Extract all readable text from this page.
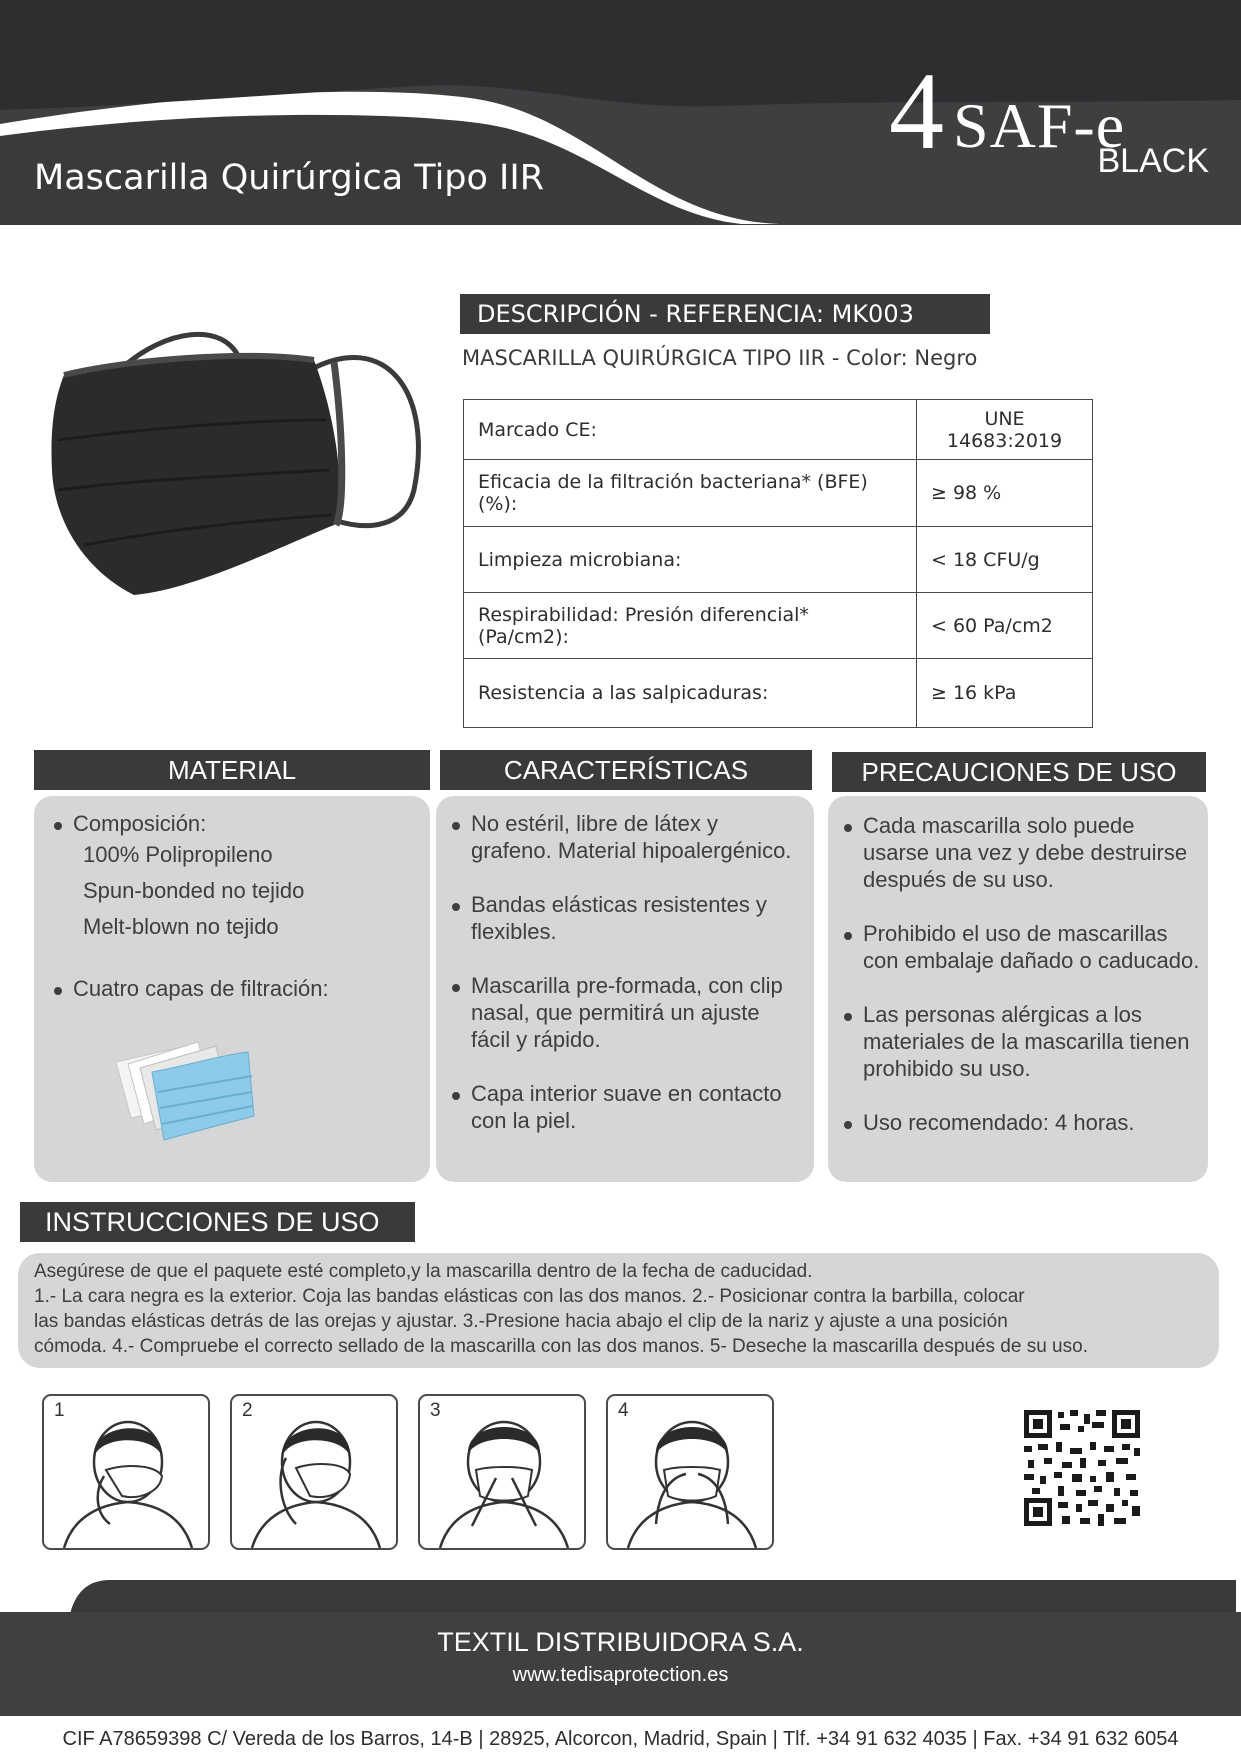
Mascarilla Quirúrgica Tipo IIR
4 SAF-e
BLACK
DESCRIPCIÓN - REFERENCIA: MK003
MASCARILLA QUIRÚRGICA TIPO IIR - Color: Negro
Marcado CE:	UNE 14683:2019
Eficacia de la filtración bacteriana* (BFE) (%):	≥ 98 %
Limpieza microbiana:	< 18 CFU/g
Respirabilidad: Presión diferencial* (Pa/cm2):	< 60 Pa/cm2
Resistencia a las salpicaduras:	≥ 16 kPa
MATERIAL
Composición:
100% Polipropileno
Spun-bonded no tejido
Melt-blown no tejido
Cuatro capas de filtración:
CARACTERÍSTICAS
No estéril, libre de látex y grafeno. Material hipoalergénico.
Bandas elásticas resistentes y flexibles.
Mascarilla pre-formada, con clip nasal, que permitirá un ajuste fácil y rápido.
Capa interior suave en contacto con la piel.
PRECAUCIONES DE USO
Cada mascarilla solo puede usarse una vez y debe destruirse después de su uso.
Prohibido el uso de mascarillas con embalaje dañado o caducado.
Las personas alérgicas a los materiales de la mascarilla tienen prohibido su uso.
Uso recomendado: 4 horas.
INSTRUCCIONES DE USO
Asegúrese de que el paquete esté completo,y la mascarilla dentro de la fecha de caducidad.
1.- La cara negra es la exterior. Coja las bandas elásticas con las dos manos. 2.- Posicionar contra la barbilla, colocar
las bandas elásticas detrás de las orejas y ajustar. 3.-Presione hacia abajo el clip de la nariz y ajuste a una posición
cómoda. 4.- Compruebe el correcto sellado de la mascarilla con las dos manos. 5- Deseche la mascarilla después de su uso.
1	2	3	4
TEXTIL DISTRIBUIDORA S.A.
www.tedisaprotection.es
CIF A78659398 C/ Vereda de los Barros, 14-B | 28925, Alcorcon, Madrid, Spain | Tlf. +34 91 632 4035 | Fax. +34 91 632 6054
